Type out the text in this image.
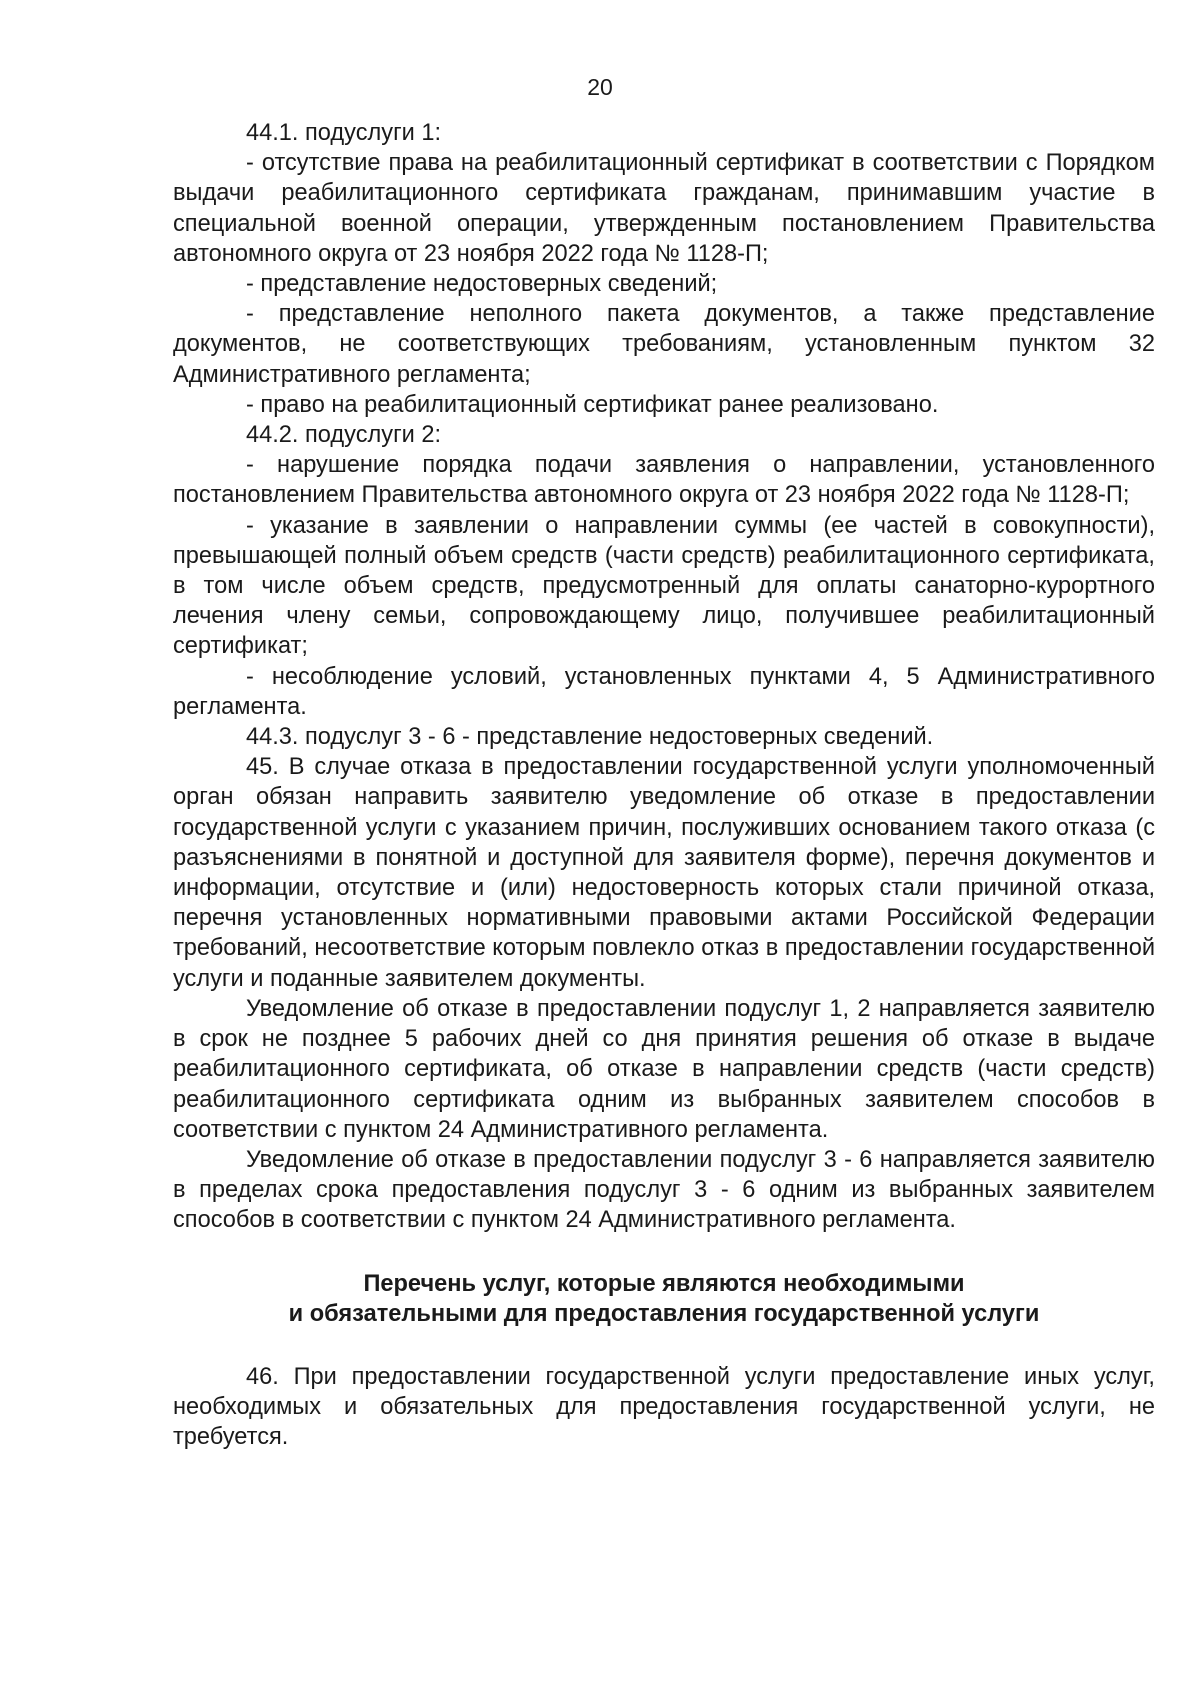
20

44.1. подуслуги 1:

- отсутствие права на реабилитационный сертификат в соответствии с Порядком выдачи реабилитационного сертификата гражданам, принимавшим участие в специальной военной операции, утвержденным постановлением Правительства автономного округа от 23 ноября 2022 года № 1128-П;

- представление недостоверных сведений;

- представление неполного пакета документов, а также представление документов, не соответствующих требованиям, установленным пунктом 32 Административного регламента;

- право на реабилитационный сертификат ранее реализовано.

44.2. подуслуги 2:

- нарушение порядка подачи заявления о направлении, установленного постановлением Правительства автономного округа от 23 ноября 2022 года № 1128-П;

- указание в заявлении о направлении суммы (ее частей в совокупности), превышающей полный объем средств (части средств) реабилитационного сертификата, в том числе объем средств, предусмотренный для оплаты санаторно-курортного лечения члену семьи, сопровождающему лицо, получившее реабилитационный сертификат;

- несоблюдение условий, установленных пунктами 4, 5 Административного регламента.

44.3. подуслуг 3 - 6 - представление недостоверных сведений.

45. В случае отказа в предоставлении государственной услуги уполномоченный орган обязан направить заявителю уведомление об отказе в предоставлении государственной услуги с указанием причин, послуживших основанием такого отказа (с разъяснениями в понятной и доступной для заявителя форме), перечня документов и информации, отсутствие и (или) недостоверность которых стали причиной отказа, перечня установленных нормативными правовыми актами Российской Федерации требований, несоответствие которым повлекло отказ в предоставлении государственной услуги и поданные заявителем документы.

Уведомление об отказе в предоставлении подуслуг 1, 2 направляется заявителю в срок не позднее 5 рабочих дней со дня принятия решения об отказе в выдаче реабилитационного сертификата, об отказе в направлении средств (части средств) реабилитационного сертификата одним из выбранных заявителем способов в соответствии с пунктом 24 Административного регламента.

Уведомление об отказе в предоставлении подуслуг 3 - 6 направляется заявителю в пределах срока предоставления подуслуг 3 - 6 одним из выбранных заявителем способов в соответствии с пунктом 24 Административного регламента.

Перечень услуг, которые являются необходимыми
и обязательными для предоставления государственной услуги

46. При предоставлении государственной услуги предоставление иных услуг, необходимых и обязательных для предоставления государственной услуги, не требуется.
